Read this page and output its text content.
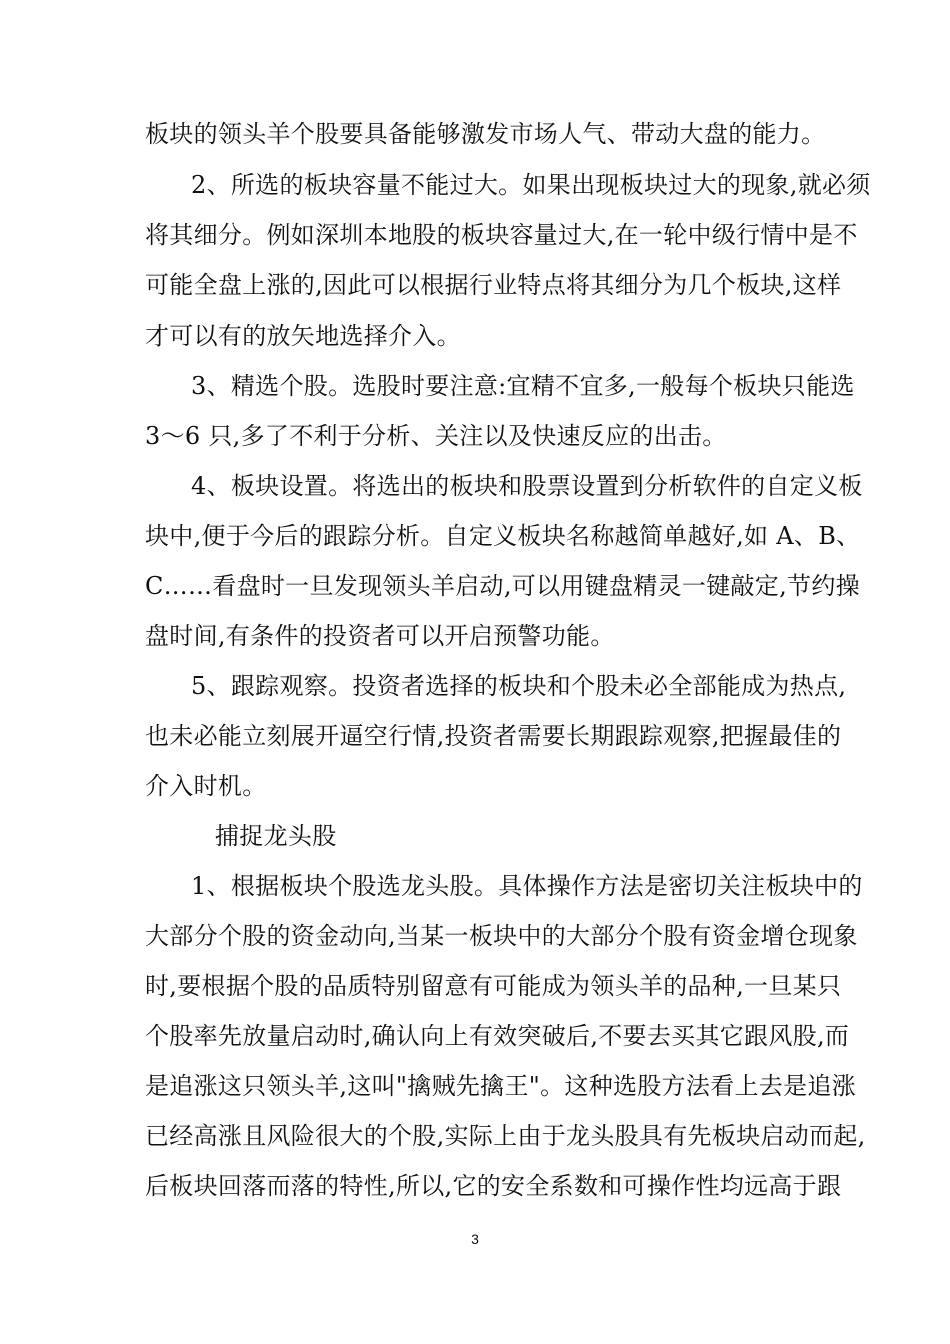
板块的领头羊个股要具备能够激发市场人气、带动大盘的能力。
2、所选的板块容量不能过大。如果出现板块过大的现象,就必须
将其细分。例如深圳本地股的板块容量过大,在一轮中级行情中是不
可能全盘上涨的,因此可以根据行业特点将其细分为几个板块,这样
才可以有的放矢地选择介入。
3、精选个股。选股时要注意:宜精不宜多,一般每个板块只能选
3～6 只,多了不利于分析、关注以及快速反应的出击。
4、板块设置。将选出的板块和股票设置到分析软件的自定义板
块中,便于今后的跟踪分析。自定义板块名称越简单越好,如 A、B、
C……看盘时一旦发现领头羊启动,可以用键盘精灵一键敲定,节约操
盘时间,有条件的投资者可以开启预警功能。
5、跟踪观察。投资者选择的板块和个股未必全部能成为热点,
也未必能立刻展开逼空行情,投资者需要长期跟踪观察,把握最佳的
介入时机。
捕捉龙头股
1、根据板块个股选龙头股。具体操作方法是密切关注板块中的
大部分个股的资金动向,当某一板块中的大部分个股有资金增仓现象
时,要根据个股的品质特别留意有可能成为领头羊的品种,一旦某只
个股率先放量启动时,确认向上有效突破后,不要去买其它跟风股,而
是追涨这只领头羊,这叫"擒贼先擒王"。这种选股方法看上去是追涨
已经高涨且风险很大的个股,实际上由于龙头股具有先板块启动而起,
后板块回落而落的特性,所以,它的安全系数和可操作性均远高于跟
3
